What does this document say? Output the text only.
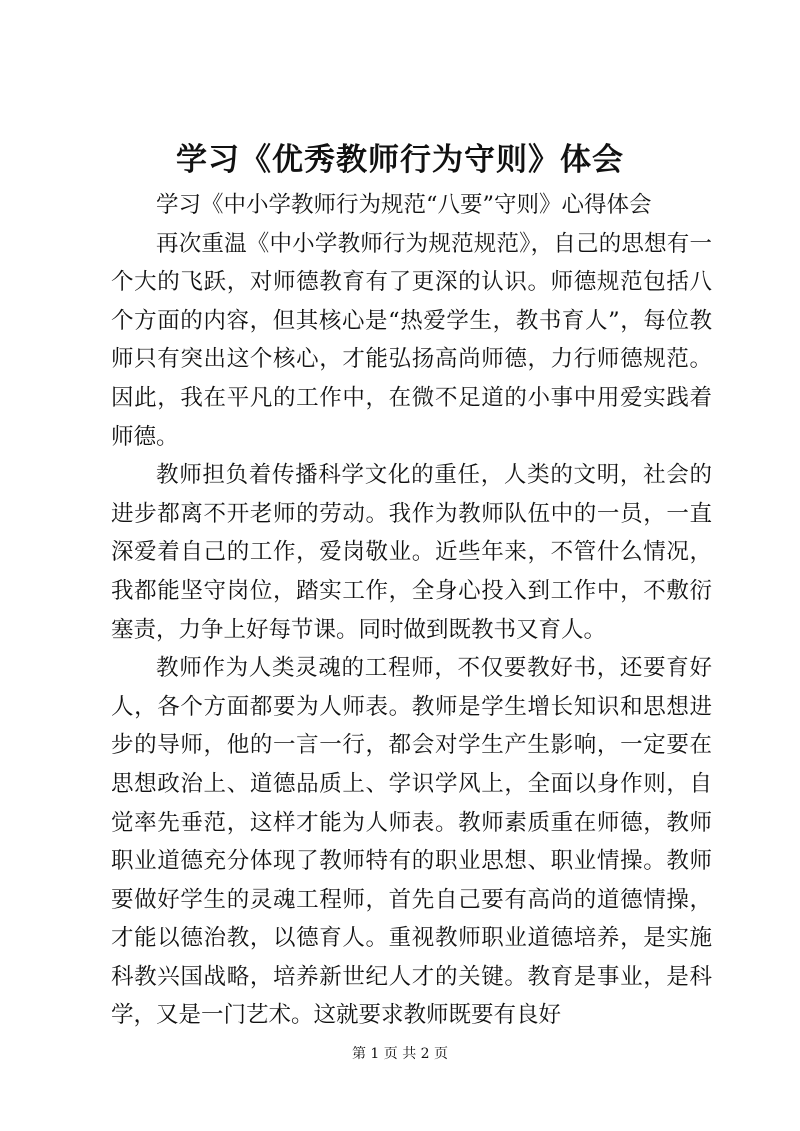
学习《优秀教师行为守则》体会

学习《中小学教师行为规范“八要”守则》心得体会

再次重温《中小学教师行为规范规范》，自己的思想有一个大的飞跃，对师德教育有了更深的认识。师德规范包括八个方面的内容，但其核心是“热爱学生，教书育人”，每位教师只有突出这个核心，才能弘扬高尚师德，力行师德规范。因此，我在平凡的工作中，在微不足道的小事中用爱实践着师德。

教师担负着传播科学文化的重任，人类的文明，社会的进步都离不开老师的劳动。我作为教师队伍中的一员，一直深爱着自己的工作，爱岗敬业。近些年来，不管什么情况，我都能坚守岗位，踏实工作，全身心投入到工作中，不敷衍塞责，力争上好每节课。同时做到既教书又育人。

教师作为人类灵魂的工程师，不仅要教好书，还要育好人，各个方面都要为人师表。教师是学生增长知识和思想进步的导师，他的一言一行，都会对学生产生影响，一定要在思想政治上、道德品质上、学识学风上，全面以身作则，自觉率先垂范，这样才能为人师表。教师素质重在师德，教师职业道德充分体现了教师特有的职业思想、职业情操。教师要做好学生的灵魂工程师，首先自己要有高尚的道德情操，才能以德治教，以德育人。重视教师职业道德培养，是实施科教兴国战略，培养新世纪人才的关键。教育是事业，是科学，又是一门艺术。这就要求教师既要有良好

第 1 页 共 2 页
